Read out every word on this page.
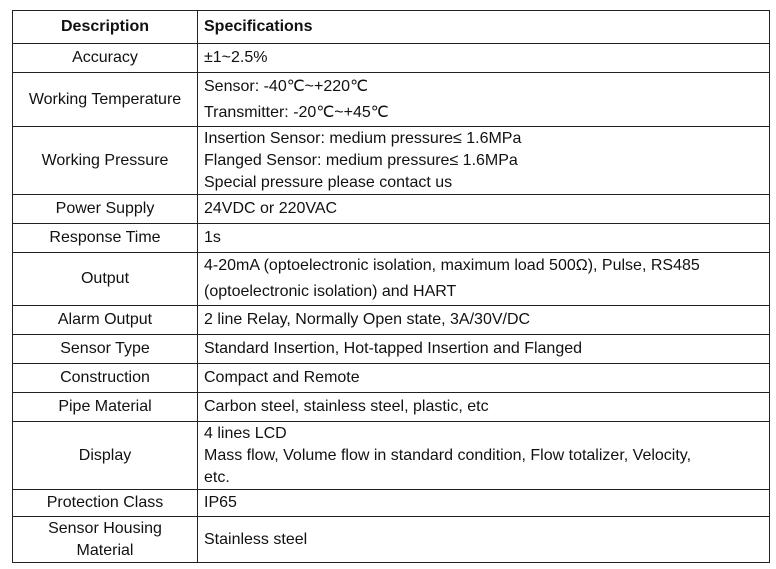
Description	Specifications
Accuracy	±1~2.5%

Working Temperature	Sensor: -40℃~+220℃
Transmitter: -20℃~+45℃

Working Pressure	Insertion Sensor: medium pressure≤ 1.6MPa
Flanged Sensor: medium pressure≤ 1.6MPa
Special pressure please contact us

Power Supply	24VDC or 220VAC

Response Time	1s

Output	4-20mA (optoelectronic isolation, maximum load 500Ω), Pulse, RS485
(optoelectronic isolation) and HART

Alarm Output	2 line Relay, Normally Open state, 3A/30V/DC

Sensor Type	Standard Insertion, Hot-tapped Insertion and Flanged

Construction	Compact and Remote

Pipe Material	Carbon steel, stainless steel, plastic, etc

Display	4 lines LCD
Mass flow, Volume flow in standard condition, Flow totalizer, Velocity,
etc.

Protection Class	IP65

Sensor Housing
Material	Stainless steel
